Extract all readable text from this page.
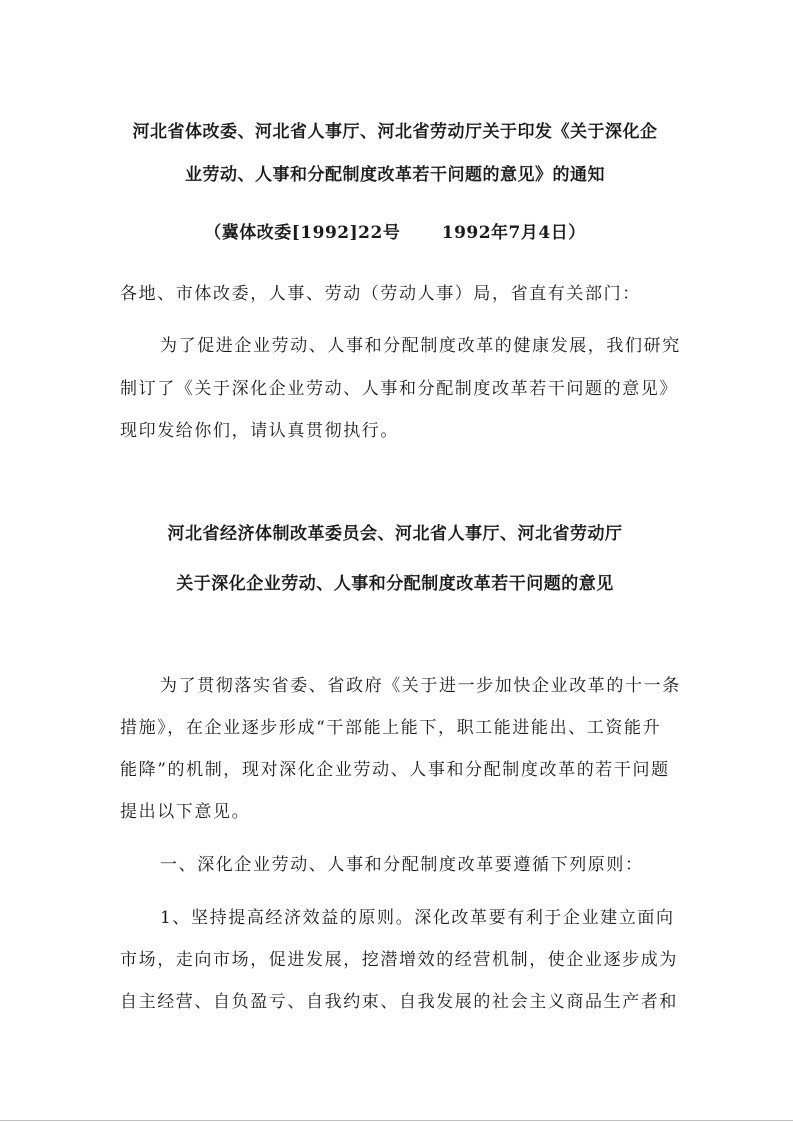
河北省体改委、河北省人事厅、河北省劳动厅关于印发《关于深化企
业劳动、人事和分配制度改革若干问题的意见》的通知
（冀体改委[1992]22号　　 1992年7月4日）
各地、市体改委，人事、劳动（劳动人事）局，省直有关部门：
为了促进企业劳动、人事和分配制度改革的健康发展，我们研究
制订了《关于深化企业劳动、人事和分配制度改革若干问题的意见》
现印发给你们，请认真贯彻执行。
河北省经济体制改革委员会、河北省人事厅、河北省劳动厅
关于深化企业劳动、人事和分配制度改革若干问题的意见
为了贯彻落实省委、省政府《关于进一步加快企业改革的十一条
措施》，在企业逐步形成“干部能上能下，职工能进能出、工资能升
能降”的机制，现对深化企业劳动、人事和分配制度改革的若干问题
提出以下意见。
一、深化企业劳动、人事和分配制度改革要遵循下列原则：
1、坚持提高经济效益的原则。深化改革要有利于企业建立面向
市场，走向市场，促进发展，挖潜增效的经营机制，使企业逐步成为
自主经营、自负盈亏、自我约束、自我发展的社会主义商品生产者和
